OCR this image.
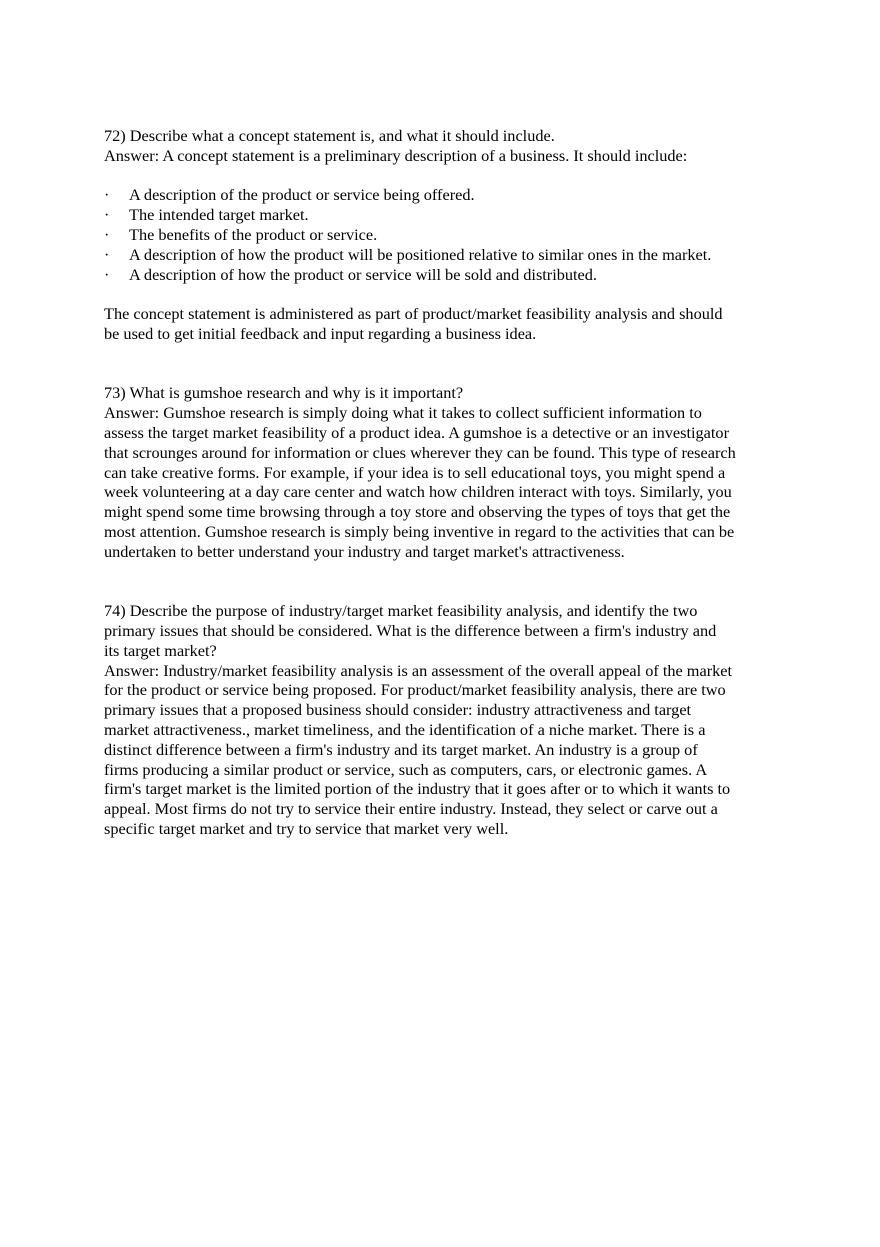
72) Describe what a concept statement is, and what it should include.
Answer: A concept statement is a preliminary description of a business. It should include:
· A description of the product or service being offered.
· The intended target market.
· The benefits of the product or service.
· A description of how the product will be positioned relative to similar ones in the market.
· A description of how the product or service will be sold and distributed.
The concept statement is administered as part of product/market feasibility analysis and should
be used to get initial feedback and input regarding a business idea.
73) What is gumshoe research and why is it important?
Answer: Gumshoe research is simply doing what it takes to collect sufficient information to
assess the target market feasibility of a product idea. A gumshoe is a detective or an investigator
that scrounges around for information or clues wherever they can be found. This type of research
can take creative forms. For example, if your idea is to sell educational toys, you might spend a
week volunteering at a day care center and watch how children interact with toys. Similarly, you
might spend some time browsing through a toy store and observing the types of toys that get the
most attention. Gumshoe research is simply being inventive in regard to the activities that can be
undertaken to better understand your industry and target market's attractiveness.
74) Describe the purpose of industry/target market feasibility analysis, and identify the two
primary issues that should be considered. What is the difference between a firm's industry and
its target market?
Answer: Industry/market feasibility analysis is an assessment of the overall appeal of the market
for the product or service being proposed. For product/market feasibility analysis, there are two
primary issues that a proposed business should consider: industry attractiveness and target
market attractiveness., market timeliness, and the identification of a niche market. There is a
distinct difference between a firm's industry and its target market. An industry is a group of
firms producing a similar product or service, such as computers, cars, or electronic games. A
firm's target market is the limited portion of the industry that it goes after or to which it wants to
appeal. Most firms do not try to service their entire industry. Instead, they select or carve out a
specific target market and try to service that market very well.
